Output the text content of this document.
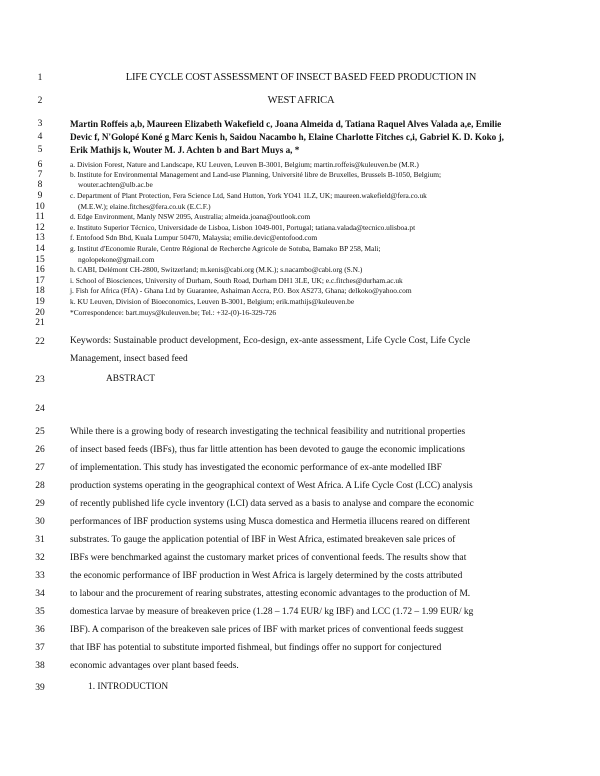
1
2
3
4
5
6
7
8
9
10
11
12
13
14
15
16
17
18
19
20
21
22
23
24
25
26
27
28
29
30
31
32
33
34
35
36
37
38
39
LIFE CYCLE COST ASSESSMENT OF INSECT BASED FEED PRODUCTION IN
WEST AFRICA
Martin Roffeis a,b, Maureen Elizabeth Wakefield c, Joana Almeida d, Tatiana Raquel Alves Valada a,e, Emilie
Devic f, N'Golopé Koné g Marc Kenis h, Saidou Nacambo h, Elaine Charlotte Fitches c,i, Gabriel K. D. Koko j,
Erik Mathijs k, Wouter M. J. Achten b and Bart Muys a, *
a. Division Forest, Nature and Landscape, KU Leuven, Leuven B-3001, Belgium; martin.roffeis@kuleuven.be (M.R.)
b. Institute for Environmental Management and Land-use Planning, Université libre de Bruxelles, Brussels B-1050, Belgium;
wouter.achten@ulb.ac.be
c. Department of Plant Protection, Fera Science Ltd, Sand Hutton, York YO41 1LZ, UK; maureen.wakefield@fera.co.uk
(M.E.W.); elaine.fitches@fera.co.uk (E.C.F.)
d. Edge Environment, Manly NSW 2095, Australia; almeida.joana@outlook.com
e. Instituto Superior Técnico, Universidade de Lisboa, Lisbon 1049-001, Portugal; tatiana.valada@tecnico.ulisboa.pt
f. Entofood Sdn Bhd, Kuala Lumpur 50470, Malaysia; emilie.devic@entofood.com
g. Institut d'Economie Rurale, Centre Régional de Recherche Agricole de Sotuba, Bamako BP 258, Mali;
ngolopekone@gmail.com
h. CABI, Delémont CH-2800, Switzerland; m.kenis@cabi.org (M.K.); s.nacambo@cabi.org (S.N.)
i. School of Biosciences, University of Durham, South Road, Durham DH1 3LE, UK; e.c.fitches@durham.ac.uk
j. Fish for Africa (FfA) - Ghana Ltd by Guarantee, Ashaiman Accra, P.O. Box AS273, Ghana; delkoko@yahoo.com
k. KU Leuven, Division of Bioeconomics, Leuven B-3001, Belgium; erik.mathijs@kuleuven.be
*Correspondence: bart.muys@kuleuven.be; Tel.: +32-(0)-16-329-726
Keywords: Sustainable product development, Eco-design, ex-ante assessment, Life Cycle Cost, Life Cycle
Management, insect based feed
ABSTRACT
While there is a growing body of research investigating the technical feasibility and nutritional properties
of insect based feeds (IBFs), thus far little attention has been devoted to gauge the economic implications
of implementation. This study has investigated the economic performance of ex-ante modelled IBF
production systems operating in the geographical context of West Africa. A Life Cycle Cost (LCC) analysis
of recently published life cycle inventory (LCI) data served as a basis to analyse and compare the economic
performances of IBF production systems using Musca domestica and Hermetia illucens reared on different
substrates. To gauge the application potential of IBF in West Africa, estimated breakeven sale prices of
IBFs were benchmarked against the customary market prices of conventional feeds. The results show that
the economic performance of IBF production in West Africa is largely determined by the costs attributed
to labour and the procurement of rearing substrates, attesting economic advantages to the production of M.
domestica larvae by measure of breakeven price (1.28 – 1.74 EUR/ kg IBF) and LCC (1.72 – 1.99 EUR/ kg
IBF). A comparison of the breakeven sale prices of IBF with market prices of conventional feeds suggest
that IBF has potential to substitute imported fishmeal, but findings offer no support for conjectured
economic advantages over plant based feeds.
1. INTRODUCTION
